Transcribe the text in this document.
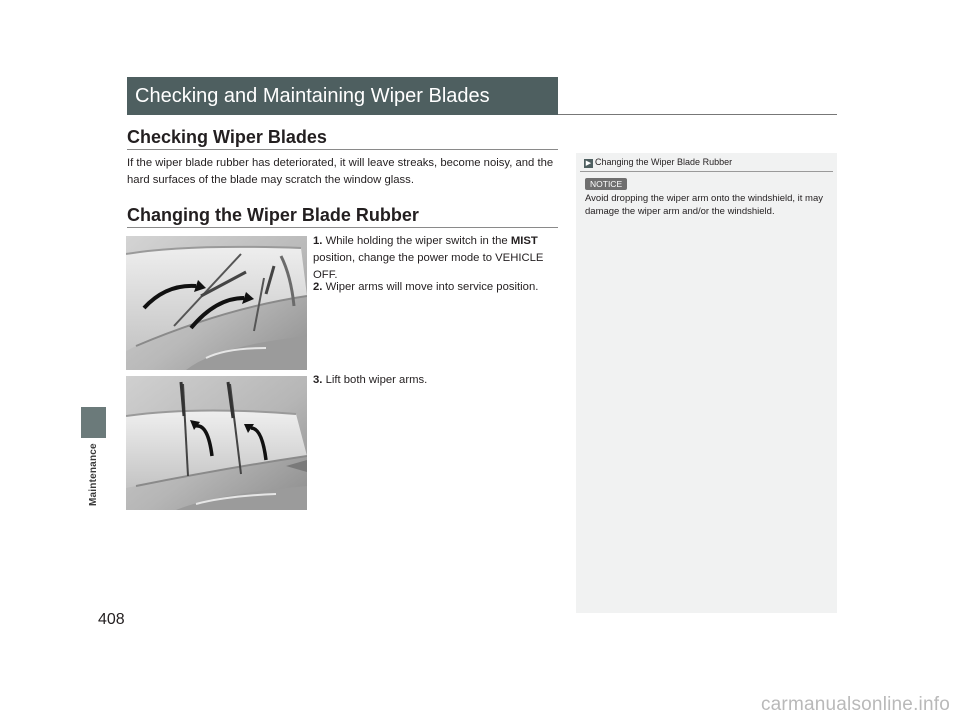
Maintenance
408
Checking and Maintaining Wiper Blades
Checking Wiper Blades
If the wiper blade rubber has deteriorated, it will leave streaks, become noisy, and the hard surfaces of the blade may scratch the window glass.
Changing the Wiper Blade Rubber
1. While holding the wiper switch in the MIST position, change the power mode to VEHICLE OFF.
2. Wiper arms will move into service position.
3. Lift both wiper arms.
▶ Changing the Wiper Blade Rubber
NOTICE
Avoid dropping the wiper arm onto the windshield, it may damage the wiper arm and/or the windshield.
carmanualsonline.info
